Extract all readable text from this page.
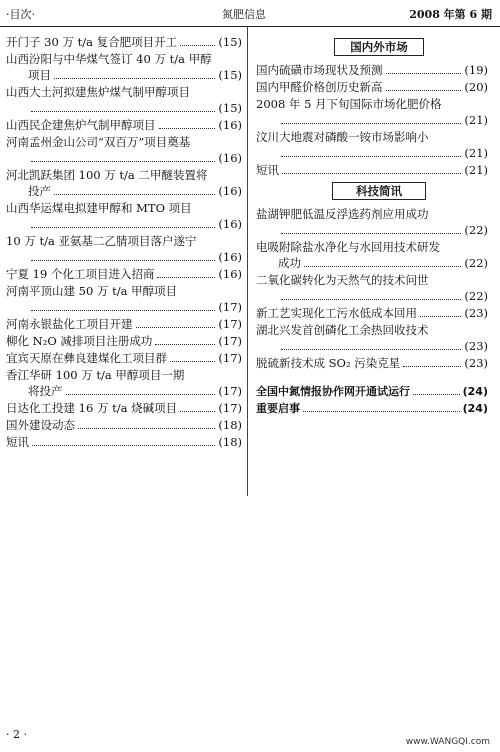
·目次·	氮肥信息	2008 年第 6 期
开门子 30 万 t/a 复合肥项目开工	(15)
山西汾阳与中华煤气签订 40 万 t/a 甲醇
项目	(15)
山西大土河拟建焦炉煤气制甲醇项目
(15)
山西民企建焦炉气制甲醇项目	(16)
河南孟州金山公司“双百万”项目奠基
(16)
河北凯跃集团 100 万 t/a 二甲醚装置将
投产	(16)
山西华运煤电拟建甲醇和 MTO 项目
(16)
10 万 t/a 亚氨基二乙腈项目落户遂宁
(16)
宁夏 19 个化工项目进入招商	(16)
河南平顶山建 50 万 t/a 甲醇项目
(17)
河南永银盐化工项目开建	(17)
柳化 N₂O 减排项目注册成功	(17)
宜宾天原在彝良建煤化工项目群	(17)
香江华研 100 万 t/a 甲醇项目一期
将投产	(17)
日达化工投建 16 万 t/a 烧碱项目	(17)
国外建设动态	(18)
短讯	(18)
国内外市场
国内硫磺市场现状及预测	(19)
国内甲醛价格创历史新高	(20)
2008 年 5 月下旬国际市场化肥价格
(21)
汶川大地震对磷酸一铵市场影响小
(21)
短讯	(21)
科技简讯
盐湖钾肥低温反浮选药剂应用成功
(22)
电吸附除盐水净化与水回用技术研发
成功	(22)
二氧化碳转化为天然气的技术问世
(22)
新工艺实现化工污水低成本回用	(23)
湖北兴发首创磷化工余热回收技术
(23)
脱硫新技术成 SO₂ 污染克星	(23)
全国中氮情报协作网开通试运行	(24)
重要启事	(24)
· 2 ·
www.WANGQI.com
